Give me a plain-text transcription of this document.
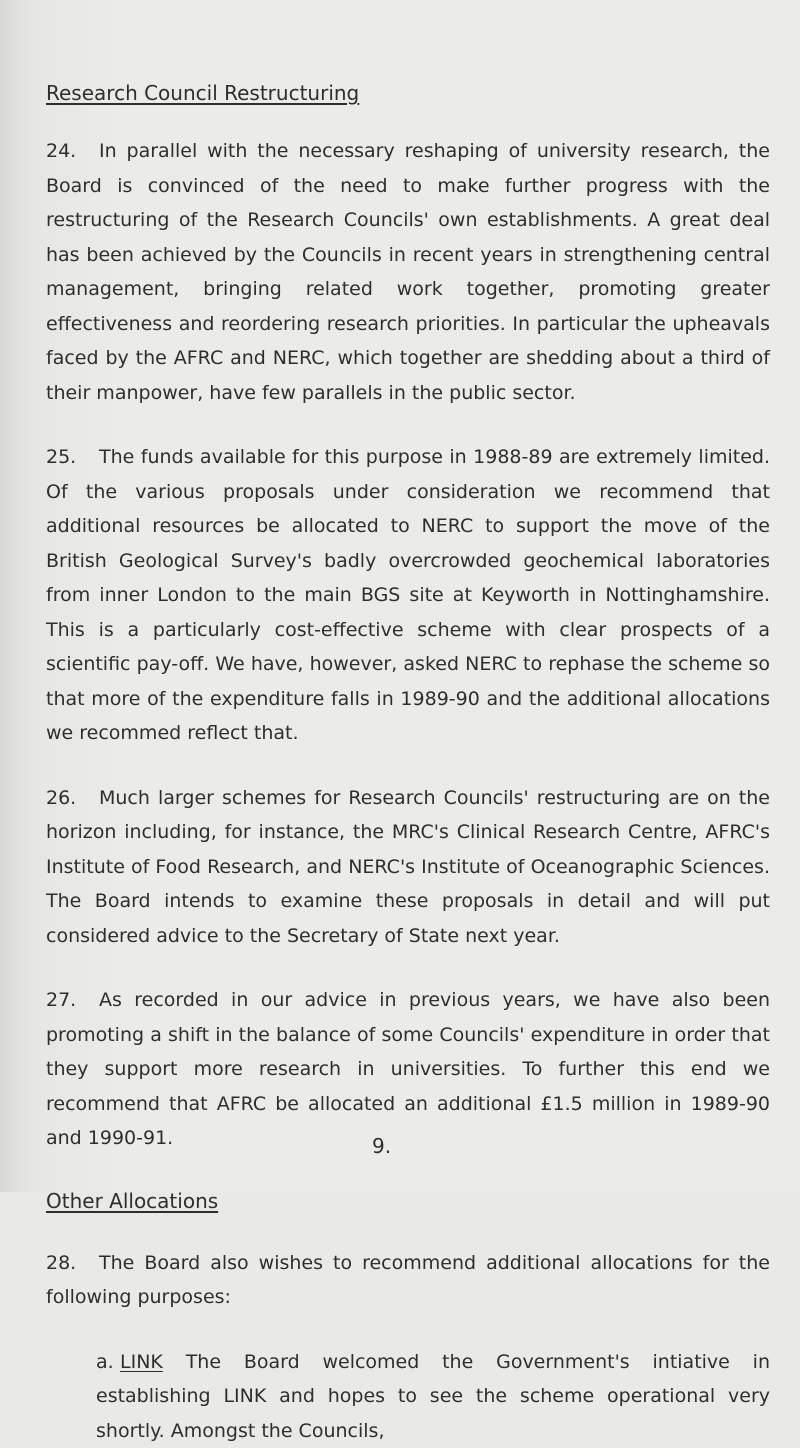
Research Council Restructuring

24. In parallel with the necessary reshaping of university research, the Board is convinced of the need to make further progress with the restructuring of the Research Councils' own establishments. A great deal has been achieved by the Councils in recent years in strengthening central management, bringing related work together, promoting greater effectiveness and reordering research priorities. In particular the upheavals faced by the AFRC and NERC, which together are shedding about a third of their manpower, have few parallels in the public sector.

25. The funds available for this purpose in 1988-89 are extremely limited. Of the various proposals under consideration we recommend that additional resources be allocated to NERC to support the move of the British Geological Survey's badly overcrowded geochemical laboratories from inner London to the main BGS site at Keyworth in Nottinghamshire. This is a particularly cost-effective scheme with clear prospects of a scientific pay-off. We have, however, asked NERC to rephase the scheme so that more of the expenditure falls in 1989-90 and the additional allocations we recommed reflect that.

26. Much larger schemes for Research Councils' restructuring are on the horizon including, for instance, the MRC's Clinical Research Centre, AFRC's Institute of Food Research, and NERC's Institute of Oceanographic Sciences. The Board intends to examine these proposals in detail and will put considered advice to the Secretary of State next year.

27. As recorded in our advice in previous years, we have also been promoting a shift in the balance of some Councils' expenditure in order that they support more research in universities. To further this end we recommend that AFRC be allocated an additional £1.5 million in 1989-90 and 1990-91.

Other Allocations

28. The Board also wishes to recommend additional allocations for the following purposes:

a. LINK The Board welcomed the Government's intiative in establishing LINK and hopes to see the scheme operational very shortly. Amongst the Councils,

9.
